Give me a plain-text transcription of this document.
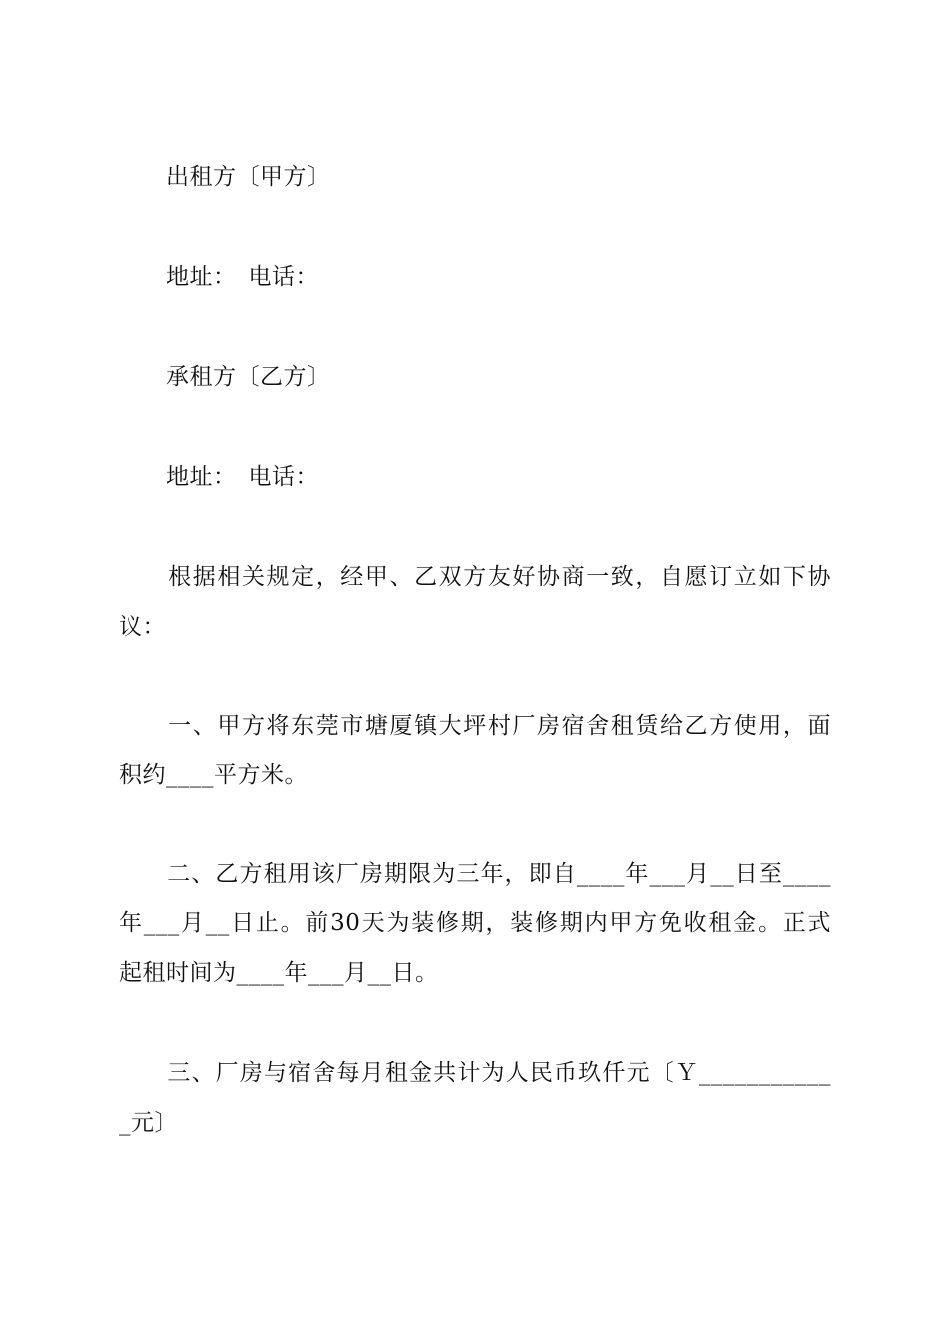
出租方〔甲方〕
地址：　电话：
承租方〔乙方〕
地址：　电话：
　　根据相关规定，经甲、乙双方友好协商一致，自愿订立如下协
议：
　　一、甲方将东莞市塘厦镇大坪村厂房宿舍租赁给乙方使用，面
积约____平方米。
　　二、乙方租用该厂房期限为三年，即自____年___月__日至____
年___月__日止。前30天为装修期，装修期内甲方免收租金。正式
起租时间为____年___月__日。
　　三、厂房与宿舍每月租金共计为人民币玖仟元〔Ｙ___________
_元〕
